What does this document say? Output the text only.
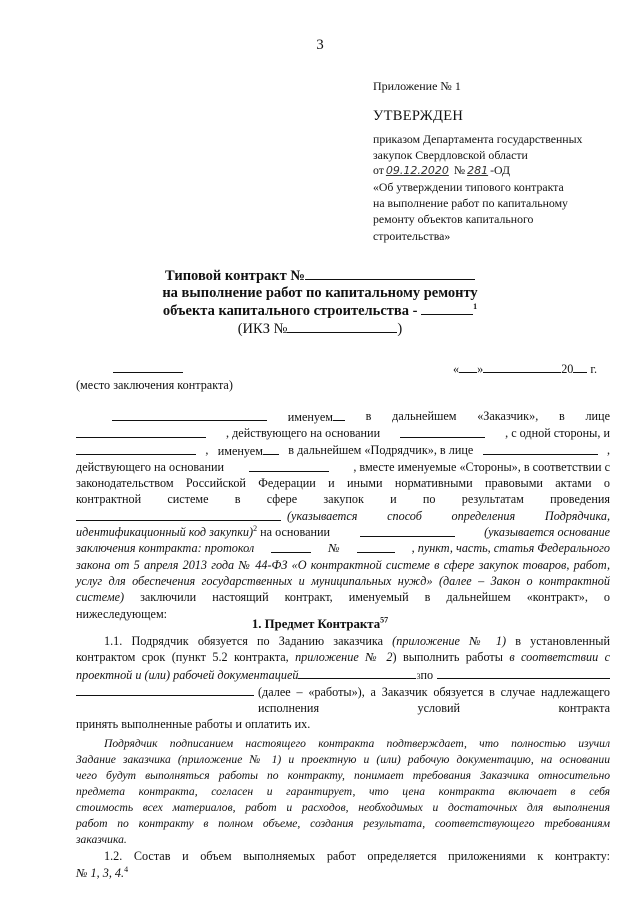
3
Приложение № 1
УТВЕРЖДЕН
приказом Департамента государственных
закупок Свердловской области
от 09.12.2020 № 281 -ОД
«Об утверждении типового контракта
на выполнение работ по капитальному
ремонту объектов капитального
строительства»
Типовой контракт №
на выполнение работ по капитальному ремонту
объекта капитального строительства -	$^1$
(ИКЗ №	)
« »	20 г.
(место заключения контракта)
именуем	в дальнейшем «Заказчик», в лице
, действующего на основании	, с одной стороны, и
, именуем	в дальнейшем «Подрядчик», в лице	,
действующего на основании	, вместе именуемые «Стороны», в соответствии с
законодательством Российской Федерации и иными нормативными правовыми актами о
контрактной системе в сфере закупок и по результатам проведения
(указывается способ определения Подрядчика,
идентификационный код закупки)$^2$ на основании	(указывается основание
заключения контракта: протокол	№	, пункт, часть, статья Федерального
закона от 5 апреля 2013 года № 44-ФЗ «О контрактной системе в сфере закупок товаров, работ,
услуг для обеспечения государственных и муниципальных нужд» (далее – Закон о контрактной
системе) заключили настоящий контракт, именуемый в дальнейшем «контракт», о
нижеследующем:
1. Предмет Контракта$^{57}$
1.1. Подрядчик обязуется по Заданию заказчика (приложение № 1) в установленный
контрактом срок (пункт 5.2 контракта, приложение № 2) выполнить работы в соответствии с
проектной и (или) рабочей документацией	3 по
(далее – «работы»), а Заказчик обязуется в случае надлежащего исполнения условий контракта
принять выполненные работы и оплатить их.
Подрядчик подписанием настоящего контракта подтверждает, что полностью изучил
Задание заказчика (приложение № 1) и проектную и (или) рабочую документацию, на основании
чего будут выполняться работы по контракту, понимает требования Заказчика относительно
предмета контракта, согласен и гарантирует, что цена контракта включает в себя
стоимость всех материалов, работ и расходов, необходимых и достаточных для выполнения
работ по контракту в полном объеме, создания результата, соответствующего требованиям
заказчика.
1.2. Состав и объем выполняемых работ определяется приложениями к контракту:
№ 1, 3, 4.$^4$
